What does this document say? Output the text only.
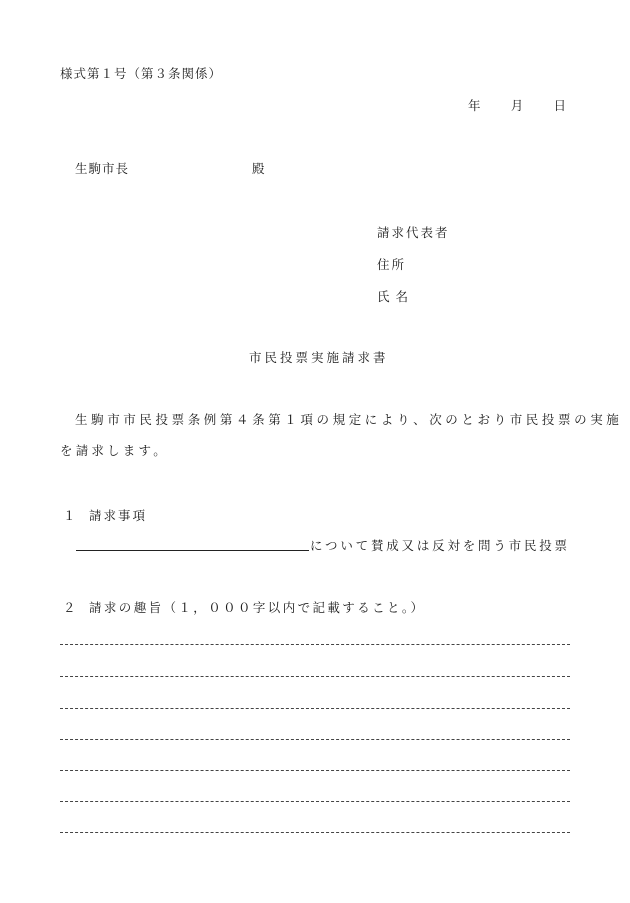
様式第１号（第３条関係）
年 月 日
生駒市長	殿
請求代表者
住所
氏名
市民投票実施請求書
生駒市市民投票条例第４条第１項の規定により、次のとおり市民投票の実施
を請求します。
１ 請求事項
について賛成又は反対を問う市民投票
２ 請求の趣旨（１，０００字以内で記載すること。）
